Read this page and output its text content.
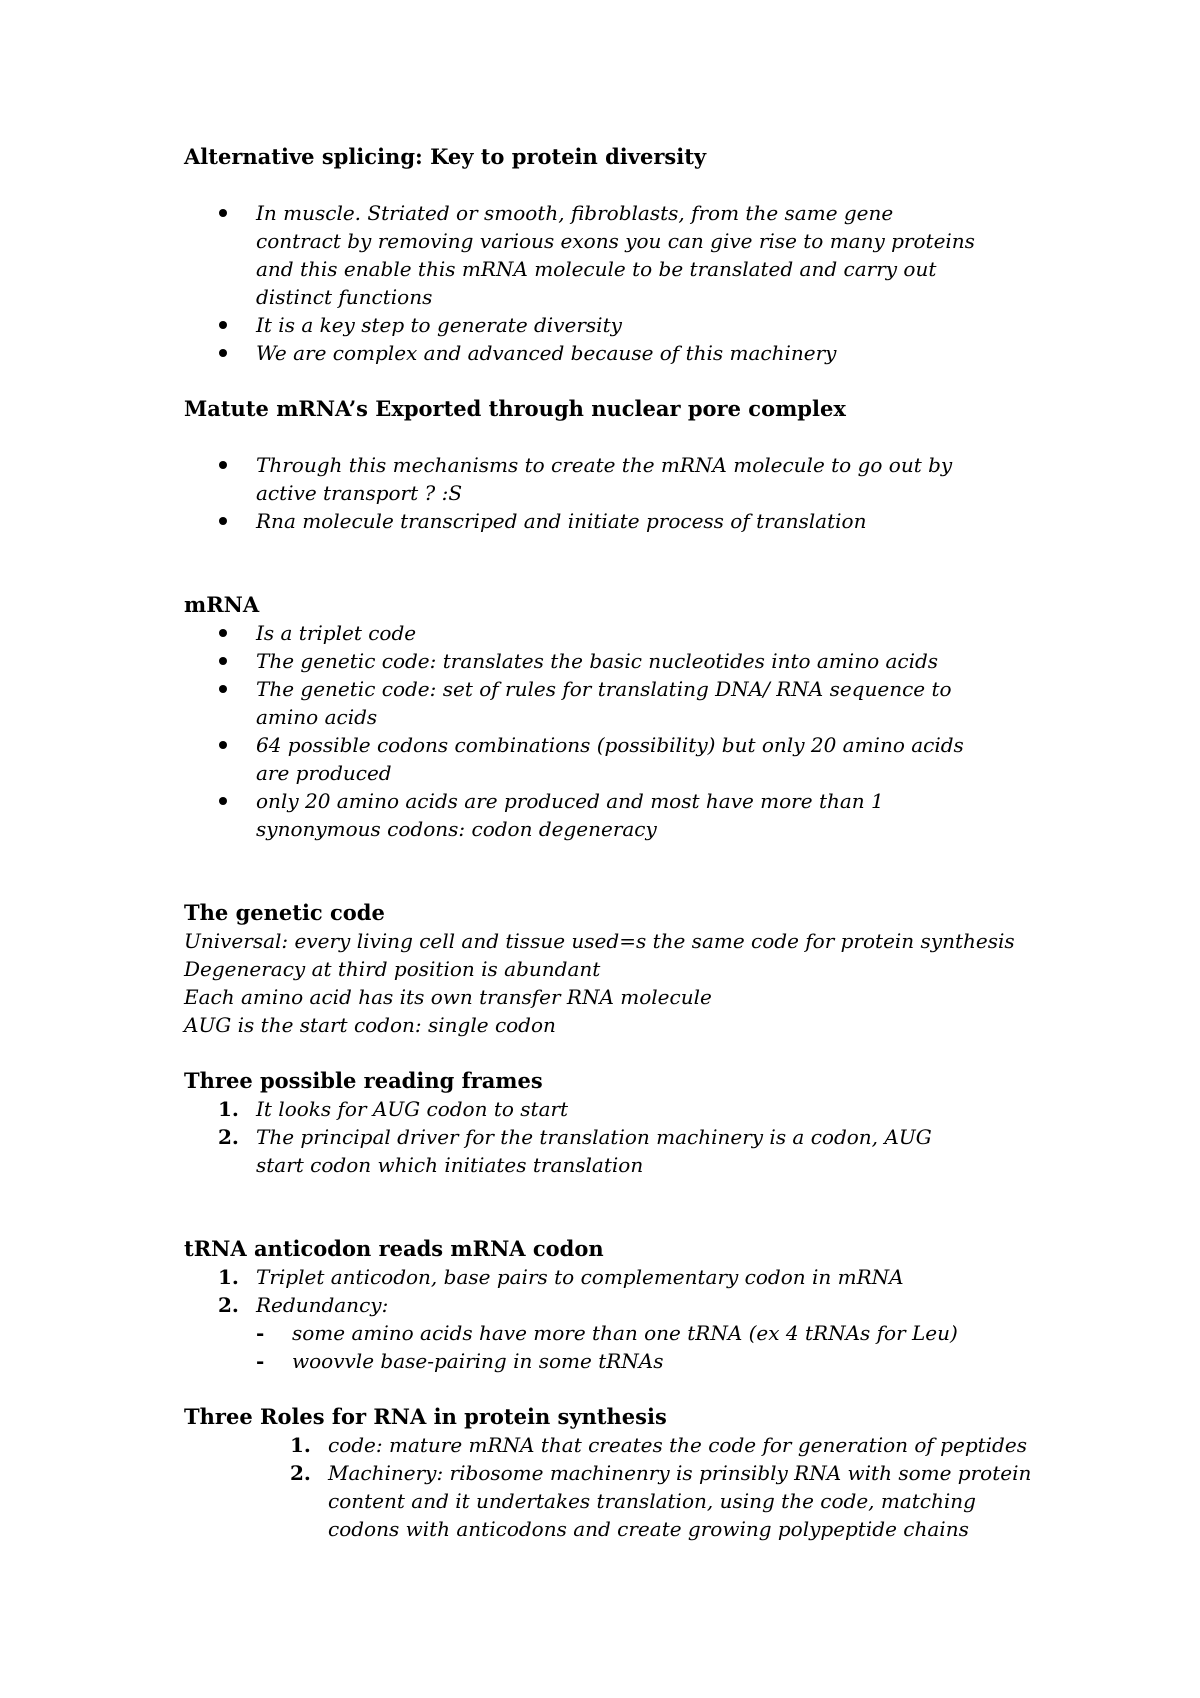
Alternative splicing: Key to protein diversity

In muscle. Striated or smooth, fibroblasts, from the same gene contract by removing various exons you can give rise to many proteins and this enable this mRNA molecule to be translated and carry out distinct functions
It is a key step to generate diversity
We are complex and advanced because of this machinery

Matute mRNA’s Exported through nuclear pore complex

Through this mechanisms to create the mRNA molecule to go out by active transport ? :S
Rna molecule transcriped and initiate process of translation

mRNA

Is a triplet code
The genetic code: translates the basic nucleotides into amino acids
The genetic code: set of rules for translating DNA/ RNA sequence to amino acids
64 possible codons combinations (possibility) but only 20 amino acids are produced
only 20 amino acids are produced and most have more than 1 synonymous codons: codon degeneracy

The genetic code

Universal: every living cell and tissue used=s the same code for protein synthesis

Degeneracy at third position is abundant

Each amino acid has its own transfer RNA molecule

AUG is the start codon: single codon

Three possible reading frames

1. It looks for AUG codon to start
2. The principal driver for the translation machinery is a codon, AUG start codon which initiates translation

tRNA anticodon reads mRNA codon

1. Triplet anticodon, base pairs to complementary codon in mRNA
2. Redundancy:
- some amino acids have more than one tRNA (ex 4 tRNAs for Leu)
- woovvle base-pairing in some tRNAs

Three Roles for RNA in protein synthesis

1. code: mature mRNA that creates the code for generation of peptides
2. Machinery: ribosome machinenry is prinsibly RNA with some protein content and it undertakes translation, using the code, matching codons with anticodons and create growing polypeptide chains
